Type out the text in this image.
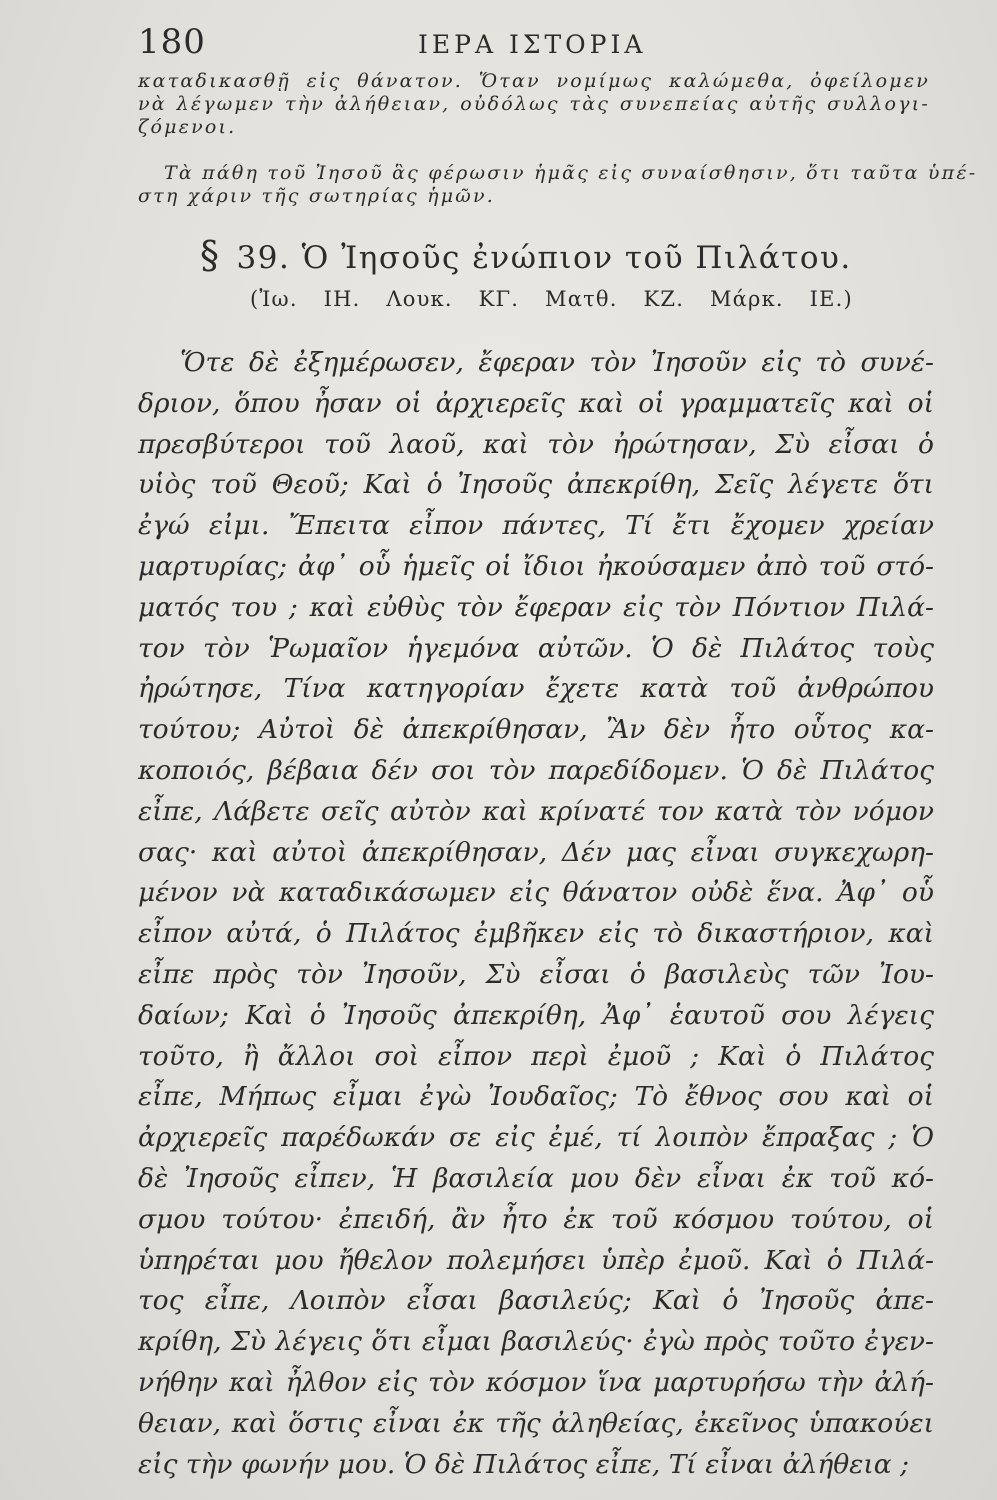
180	ΙΕΡΑ ΙΣΤΟΡΙΑ
καταδικασθῇ εἰς θάνατον. Ὅταν νομίμως καλώμεθα, ὀφείλομεν
νὰ λέγωμεν τὴν ἀλήθειαν, οὐδόλως τὰς συνεπείας αὐτῆς συλλογι-
ζόμενοι.
Τὰ πάθη τοῦ Ἰησοῦ ἃς φέρωσιν ἡμᾶς εἰς συναίσθησιν, ὅτι ταῦτα ὑπέ-
στη χάριν τῆς σωτηρίας ἡμῶν.
§ 39. Ὁ Ἰησοῦς ἐνώπιον τοῦ Πιλάτου.
(Ἰω. ΙΗ. Λουκ. ΚΓ. Ματθ. ΚΖ. Μάρκ. ΙΕ.)
Ὅτε δὲ ἐξημέρωσεν, ἔφεραν τὸν Ἰησοῦν εἰς τὸ συνέ-
δριον, ὅπου ἦσαν οἱ ἀρχιερεῖς καὶ οἱ γραμματεῖς καὶ οἱ
πρεσβύτεροι τοῦ λαοῦ, καὶ τὸν ἠρώτησαν, Σὺ εἶσαι ὁ
υἱὸς τοῦ Θεοῦ; Καὶ ὁ Ἰησοῦς ἀπεκρίθη, Σεῖς λέγετε ὅτι
ἐγώ εἰμι. Ἔπειτα εἶπον πάντες, Τί ἔτι ἔχομεν χρείαν
μαρτυρίας; ἀφ᾽ οὗ ἡμεῖς οἱ ἴδιοι ἠκούσαμεν ἀπὸ τοῦ στό-
ματός του ; καὶ εὐθὺς τὸν ἔφεραν εἰς τὸν Πόντιον Πιλά-
τον τὸν Ῥωμαῖον ἡγεμόνα αὐτῶν. Ὁ δὲ Πιλάτος τοὺς
ἠρώτησε, Τίνα κατηγορίαν ἔχετε κατὰ τοῦ ἀνθρώπου
τούτου; Αὐτοὶ δὲ ἀπεκρίθησαν, Ἂν δὲν ἦτο οὗτος κα-
κοποιός, βέβαια δέν σοι τὸν παρεδίδομεν. Ὁ δὲ Πιλάτος
εἶπε, Λάβετε σεῖς αὐτὸν καὶ κρίνατέ τον κατὰ τὸν νόμον
σας· καὶ αὐτοὶ ἀπεκρίθησαν, Δέν μας εἶναι συγκεχωρη-
μένον νὰ καταδικάσωμεν εἰς θάνατον οὐδὲ ἕνα. Ἀφ᾽ οὗ
εἶπον αὐτά, ὁ Πιλάτος ἐμβῆκεν εἰς τὸ δικαστήριον, καὶ
εἶπε πρὸς τὸν Ἰησοῦν, Σὺ εἶσαι ὁ βασιλεὺς τῶν Ἰου-
δαίων; Καὶ ὁ Ἰησοῦς ἀπεκρίθη, Ἀφ᾽ ἑαυτοῦ σου λέγεις
τοῦτο, ἢ ἄλλοι σοὶ εἶπον περὶ ἐμοῦ ; Καὶ ὁ Πιλάτος
εἶπε, Μήπως εἶμαι ἐγὼ Ἰουδαῖος; Τὸ ἔθνος σου καὶ οἱ
ἀρχιερεῖς παρέδωκάν σε εἰς ἐμέ, τί λοιπὸν ἔπραξας ; Ὁ
δὲ Ἰησοῦς εἶπεν, Ἡ βασιλεία μου δὲν εἶναι ἐκ τοῦ κό-
σμου τούτου· ἐπειδή, ἂν ἦτο ἐκ τοῦ κόσμου τούτου, οἱ
ὑπηρέται μου ἤθελον πολεμήσει ὑπὲρ ἐμοῦ. Καὶ ὁ Πιλά-
τος εἶπε, Λοιπὸν εἶσαι βασιλεύς; Καὶ ὁ Ἰησοῦς ἀπε-
κρίθη, Σὺ λέγεις ὅτι εἶμαι βασιλεύς· ἐγὼ πρὸς τοῦτο ἐγεν-
νήθην καὶ ἦλθον εἰς τὸν κόσμον ἵνα μαρτυρήσω τὴν ἀλή-
θειαν, καὶ ὅστις εἶναι ἐκ τῆς ἀληθείας, ἐκεῖνος ὑπακούει
εἰς τὴν φωνήν μου. Ὁ δὲ Πιλάτος εἶπε, Τί εἶναι ἀλήθεια ;
